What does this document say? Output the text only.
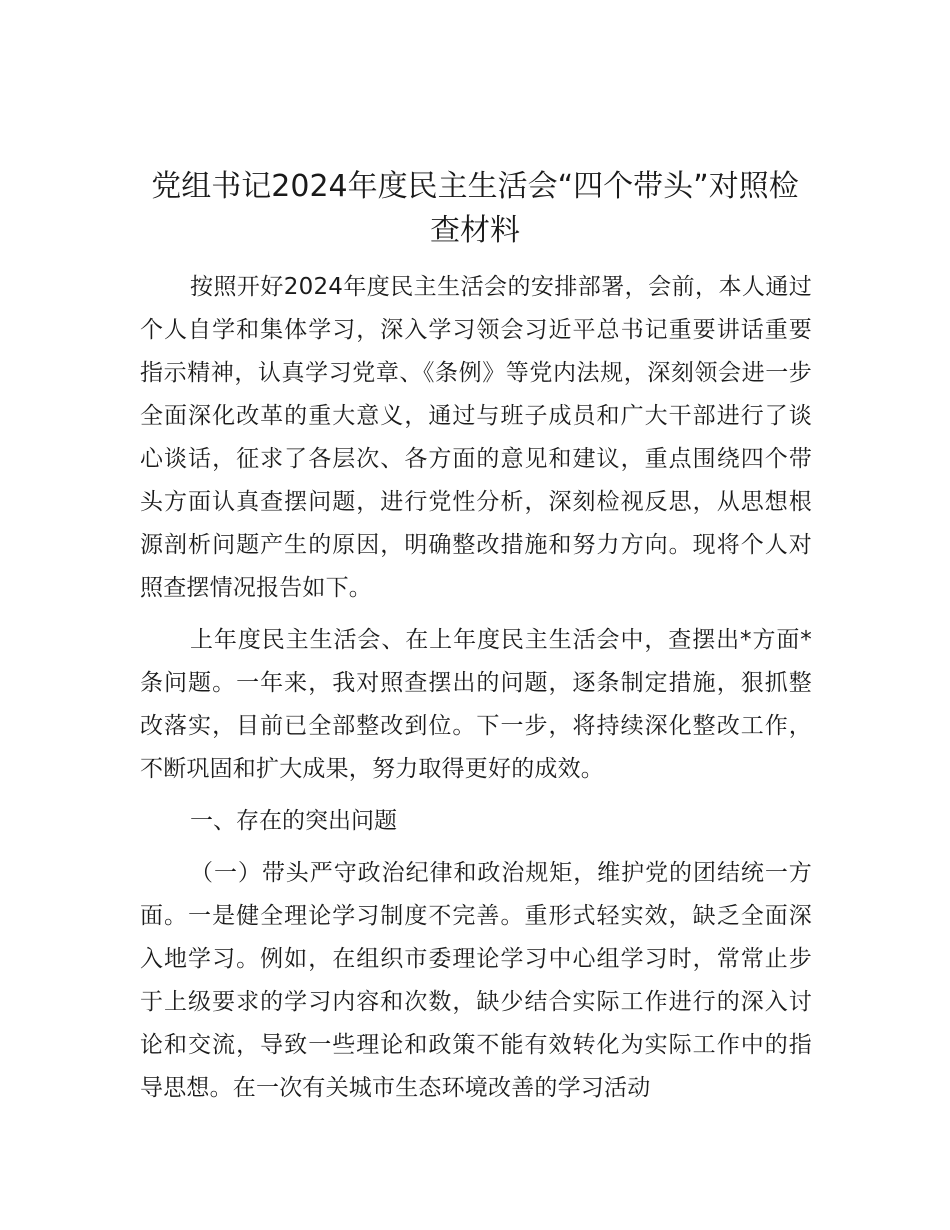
党组书记2024年度民主生活会“四个带头”对照检查材料

按照开好2024年度民主生活会的安排部署，会前，本人通过个人自学和集体学习，深入学习领会习近平总书记重要讲话重要指示精神，认真学习党章、《条例》等党内法规，深刻领会进一步全面深化改革的重大意义，通过与班子成员和广大干部进行了谈心谈话，征求了各层次、各方面的意见和建议，重点围绕四个带头方面认真查摆问题，进行党性分析，深刻检视反思，从思想根源剖析问题产生的原因，明确整改措施和努力方向。现将个人对照查摆情况报告如下。

上年度民主生活会、在上年度民主生活会中，查摆出*方面*条问题。一年来，我对照查摆出的问题，逐条制定措施，狠抓整改落实，目前已全部整改到位。下一步，将持续深化整改工作，不断巩固和扩大成果，努力取得更好的成效。

一、存在的突出问题

（一）带头严守政治纪律和政治规矩，维护党的团结统一方面。一是健全理论学习制度不完善。重形式轻实效，缺乏全面深入地学习。例如，在组织市委理论学习中心组学习时，常常止步于上级要求的学习内容和次数，缺少结合实际工作进行的深入讨论和交流，导致一些理论和政策不能有效转化为实际工作中的指导思想。在一次有关城市生态环境改善的学习活动
